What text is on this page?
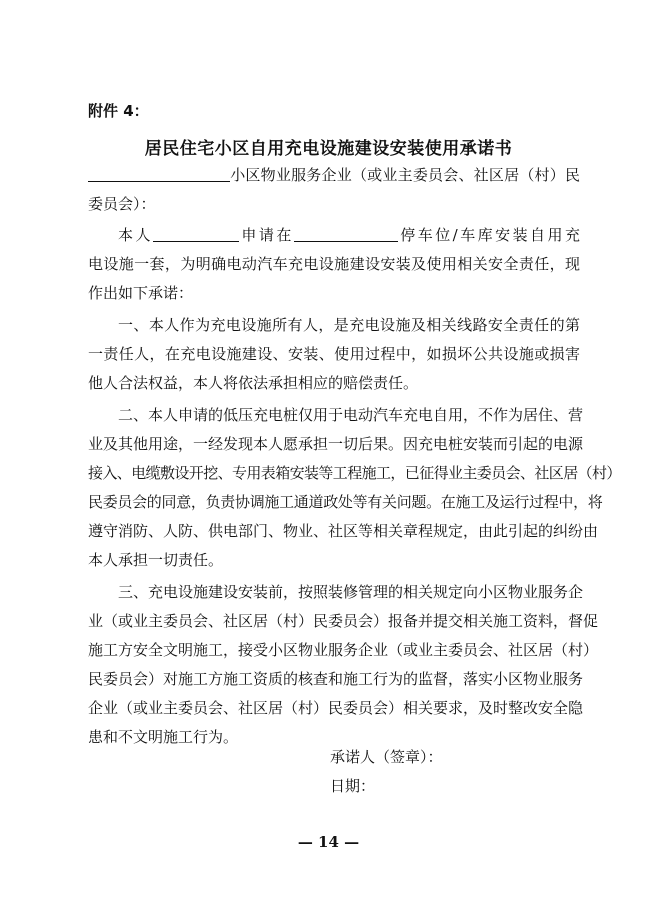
附件 4：
居民住宅小区自用充电设施建设安装使用承诺书
小区物业服务企业（或业主委员会、社区居（村）民
委员会）：
本人	申请在	停车位/车库安装自用充
电设施一套，为明确电动汽车充电设施建设安装及使用相关安全责任，现
作出如下承诺：
一、本人作为充电设施所有人，是充电设施及相关线路安全责任的第
一责任人，在充电设施建设、安装、使用过程中，如损坏公共设施或损害
他人合法权益，本人将依法承担相应的赔偿责任。
二、本人申请的低压充电桩仅用于电动汽车充电自用，不作为居住、营
业及其他用途，一经发现本人愿承担一切后果。因充电桩安装而引起的电源
接入、电缆敷设开挖、专用表箱安装等工程施工，已征得业主委员会、社区居（村）
民委员会的同意，负责协调施工通道政处等有关问题。在施工及运行过程中，将
遵守消防、人防、供电部门、物业、社区等相关章程规定，由此引起的纠纷由
本人承担一切责任。
三、充电设施建设安装前，按照装修管理的相关规定向小区物业服务企
业（或业主委员会、社区居（村）民委员会）报备并提交相关施工资料，督促
施工方安全文明施工，接受小区物业服务企业（或业主委员会、社区居（村）
民委员会）对施工方施工资质的核查和施工行为的监督，落实小区物业服务
企业（或业主委员会、社区居（村）民委员会）相关要求，及时整改安全隐
患和不文明施工行为。
承诺人（签章）：
日期：
— 14 —
